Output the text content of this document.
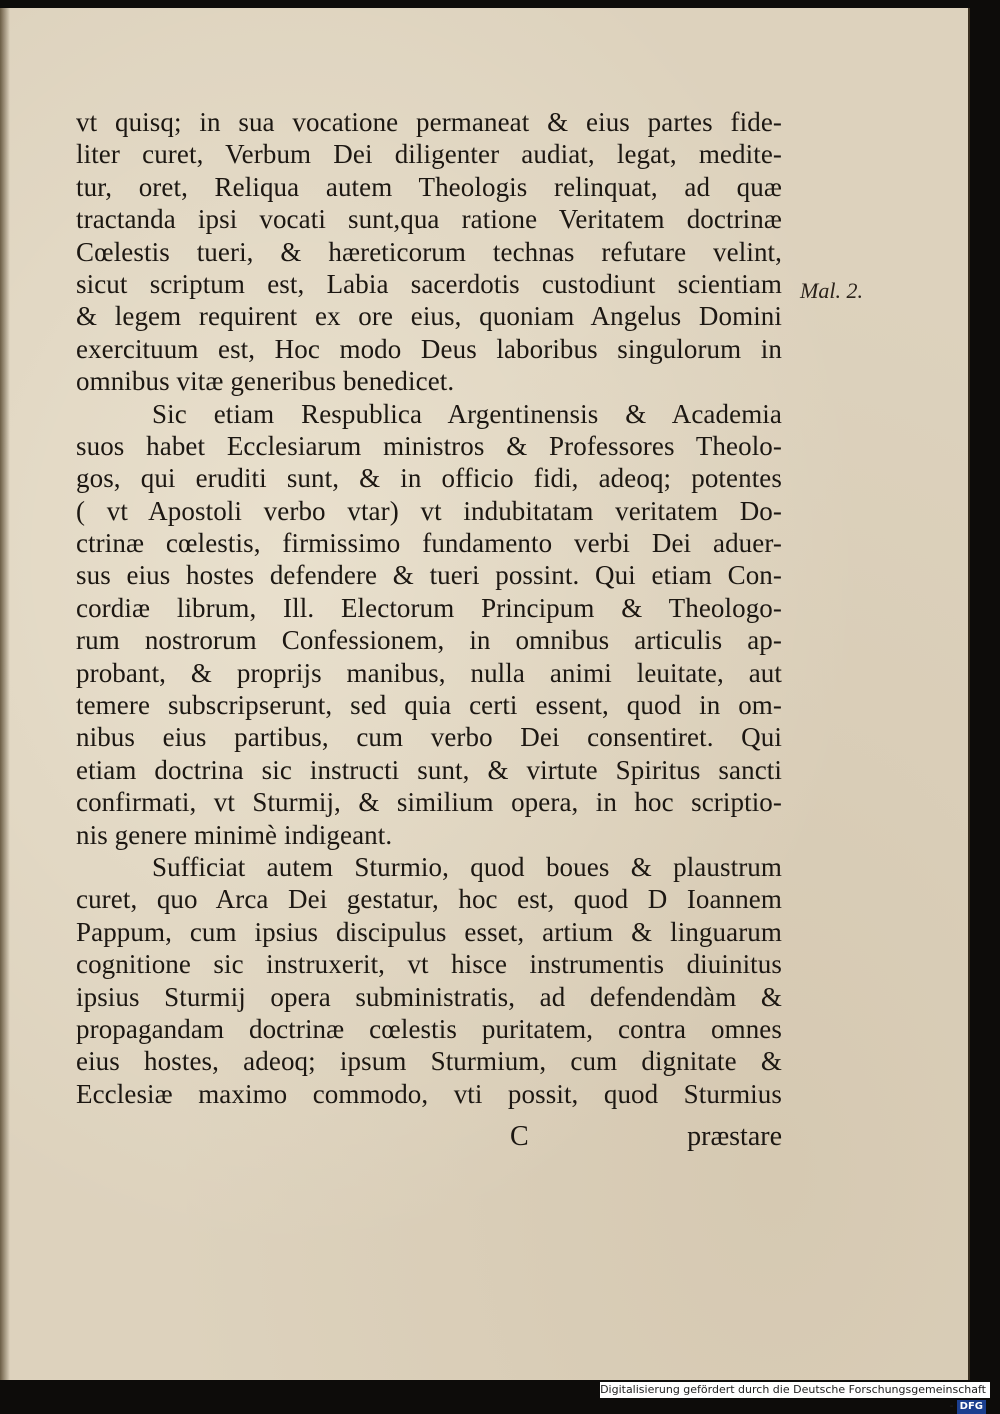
vt quisq; in sua vocatione permaneat & eius partes fide-
liter curet, Verbum Dei diligenter audiat, legat, medite-
tur, oret, Reliqua autem Theologis relinquat, ad quæ
tractanda ipsi vocati sunt,qua ratione Veritatem doctrinæ
Cœlestis tueri, & hæreticorum technas refutare velint,
sicut scriptum est, Labia sacerdotis custodiunt scientiam
& legem requirent ex ore eius, quoniam Angelus Domini
exercituum est, Hoc modo Deus laboribus singulorum in
omnibus vitæ generibus benedicet.
Sic etiam Respublica Argentinensis & Academia
suos habet Ecclesiarum ministros & Professores Theolo-
gos, qui eruditi sunt, & in officio fidi, adeoq; potentes
( vt Apostoli verbo vtar) vt indubitatam veritatem Do-
ctrinæ cœlestis, firmissimo fundamento verbi Dei aduer-
sus eius hostes defendere & tueri possint. Qui etiam Con-
cordiæ librum, Ill. Electorum Principum & Theologo-
rum nostrorum Confessionem, in omnibus articulis ap-
probant, & proprijs manibus, nulla animi leuitate, aut
temere subscripserunt, sed quia certi essent, quod in om-
nibus eius partibus, cum verbo Dei consentiret. Qui
etiam doctrina sic instructi sunt, & virtute Spiritus sancti
confirmati, vt Sturmij, & similium opera, in hoc scriptio-
nis genere minimè indigeant.
Sufficiat autem Sturmio, quod boues & plaustrum
curet, quo Arca Dei gestatur, hoc est, quod D Ioannem
Pappum, cum ipsius discipulus esset, artium & linguarum
cognitione sic instruxerit, vt hisce instrumentis diuinitus
ipsius Sturmij opera subministratis, ad defendendàm &
propagandam doctrinæ cœlestis puritatem, contra omnes
eius hostes, adeoq; ipsum Sturmium, cum dignitate &
Ecclesiæ maximo commodo, vti possit, quod Sturmius
C	præstare
Mal. 2.
Digitalisierung gefördert durch die Deutsche Forschungsgemeinschaft - DFG
